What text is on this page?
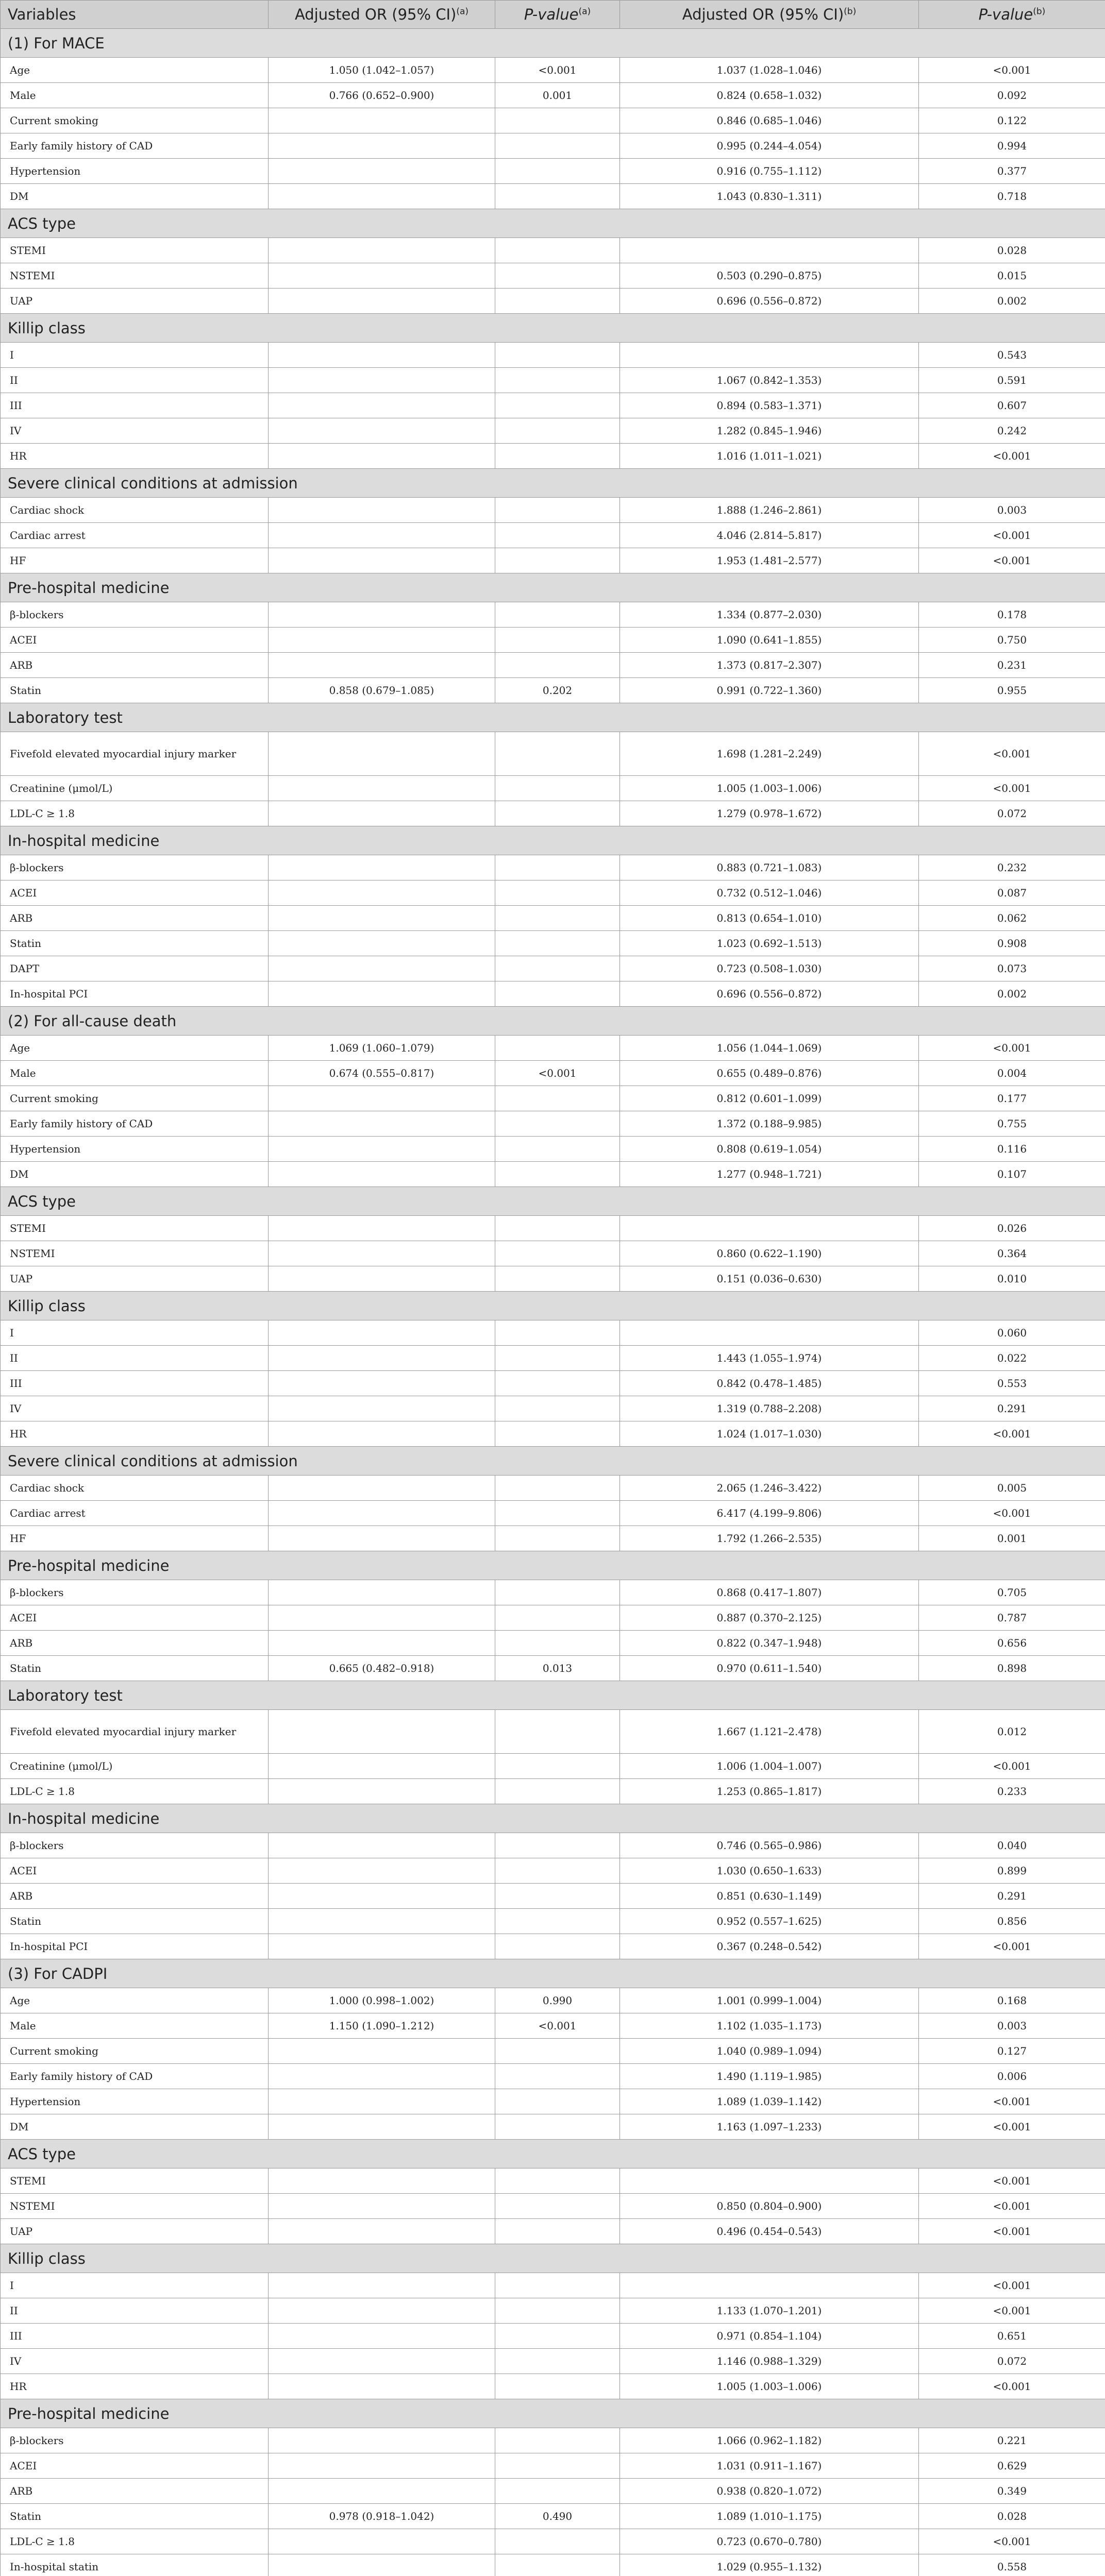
Variables	Adjusted OR (95% CI)$^{(a)}$	P-value$^{(a)}$	Adjusted OR (95% CI)$^{(b)}$	P-value$^{(b)}$
(1) For MACE				
Age	1.050 (1.042–1.057)	<0.001	1.037 (1.028–1.046)	<0.001
Male	0.766 (0.652–0.900)	0.001	0.824 (0.658–1.032)	0.092
Current smoking			0.846 (0.685–1.046)	0.122
Early family history of CAD			0.995 (0.244–4.054)	0.994
Hypertension			0.916 (0.755–1.112)	0.377
DM			1.043 (0.830–1.311)	0.718
ACS type				
STEMI				0.028
NSTEMI			0.503 (0.290–0.875)	0.015
UAP			0.696 (0.556–0.872)	0.002
Killip class				
I				0.543
II			1.067 (0.842–1.353)	0.591
III			0.894 (0.583–1.371)	0.607
IV			1.282 (0.845–1.946)	0.242
HR			1.016 (1.011–1.021)	<0.001
Severe clinical conditions at admission				
Cardiac shock			1.888 (1.246–2.861)	0.003
Cardiac arrest			4.046 (2.814–5.817)	<0.001
HF			1.953 (1.481–2.577)	<0.001
Pre-hospital medicine				
β-blockers			1.334 (0.877–2.030)	0.178
ACEI			1.090 (0.641–1.855)	0.750
ARB			1.373 (0.817–2.307)	0.231
Statin	0.858 (0.679–1.085)	0.202	0.991 (0.722–1.360)	0.955
Laboratory test				
Fivefold elevated myocardial injury marker			1.698 (1.281–2.249)	<0.001
Creatinine (μmol/L)			1.005 (1.003–1.006)	<0.001
LDL-C ≥ 1.8			1.279 (0.978–1.672)	0.072
In-hospital medicine				
β-blockers			0.883 (0.721–1.083)	0.232
ACEI			0.732 (0.512–1.046)	0.087
ARB			0.813 (0.654–1.010)	0.062
Statin			1.023 (0.692–1.513)	0.908
DAPT			0.723 (0.508–1.030)	0.073
In-hospital PCI			0.696 (0.556–0.872)	0.002
(2) For all-cause death				
Age	1.069 (1.060–1.079)		1.056 (1.044–1.069)	<0.001
Male	0.674 (0.555–0.817)	<0.001	0.655 (0.489–0.876)	0.004
Current smoking			0.812 (0.601–1.099)	0.177
Early family history of CAD			1.372 (0.188–9.985)	0.755
Hypertension			0.808 (0.619–1.054)	0.116
DM			1.277 (0.948–1.721)	0.107
ACS type				
STEMI				0.026
NSTEMI			0.860 (0.622–1.190)	0.364
UAP			0.151 (0.036–0.630)	0.010
Killip class				
I				0.060
II			1.443 (1.055–1.974)	0.022
III			0.842 (0.478–1.485)	0.553
IV			1.319 (0.788–2.208)	0.291
HR			1.024 (1.017–1.030)	<0.001
Severe clinical conditions at admission				
Cardiac shock			2.065 (1.246–3.422)	0.005
Cardiac arrest			6.417 (4.199–9.806)	<0.001
HF			1.792 (1.266–2.535)	0.001
Pre-hospital medicine				
β-blockers			0.868 (0.417–1.807)	0.705
ACEI			0.887 (0.370–2.125)	0.787
ARB			0.822 (0.347–1.948)	0.656
Statin	0.665 (0.482–0.918)	0.013	0.970 (0.611–1.540)	0.898
Laboratory test				
Fivefold elevated myocardial injury marker			1.667 (1.121–2.478)	0.012
Creatinine (μmol/L)			1.006 (1.004–1.007)	<0.001
LDL-C ≥ 1.8			1.253 (0.865–1.817)	0.233
In-hospital medicine				
β-blockers			0.746 (0.565–0.986)	0.040
ACEI			1.030 (0.650–1.633)	0.899
ARB			0.851 (0.630–1.149)	0.291
Statin			0.952 (0.557–1.625)	0.856
In-hospital PCI			0.367 (0.248–0.542)	<0.001
(3) For CADPI				
Age	1.000 (0.998–1.002)	0.990	1.001 (0.999–1.004)	0.168
Male	1.150 (1.090–1.212)	<0.001	1.102 (1.035–1.173)	0.003
Current smoking			1.040 (0.989–1.094)	0.127
Early family history of CAD			1.490 (1.119–1.985)	0.006
Hypertension			1.089 (1.039–1.142)	<0.001
DM			1.163 (1.097–1.233)	<0.001
ACS type				
STEMI				<0.001
NSTEMI			0.850 (0.804–0.900)	<0.001
UAP			0.496 (0.454–0.543)	<0.001
Killip class				
I				<0.001
II			1.133 (1.070–1.201)	<0.001
III			0.971 (0.854–1.104)	0.651
IV			1.146 (0.988–1.329)	0.072
HR			1.005 (1.003–1.006)	<0.001
Pre-hospital medicine				
β-blockers			1.066 (0.962–1.182)	0.221
ACEI			1.031 (0.911–1.167)	0.629
ARB			0.938 (0.820–1.072)	0.349
Statin	0.978 (0.918–1.042)	0.490	1.089 (1.010–1.175)	0.028
LDL-C ≥ 1.8			0.723 (0.670–0.780)	<0.001
In-hospital statin			1.029 (0.955–1.132)	0.558
